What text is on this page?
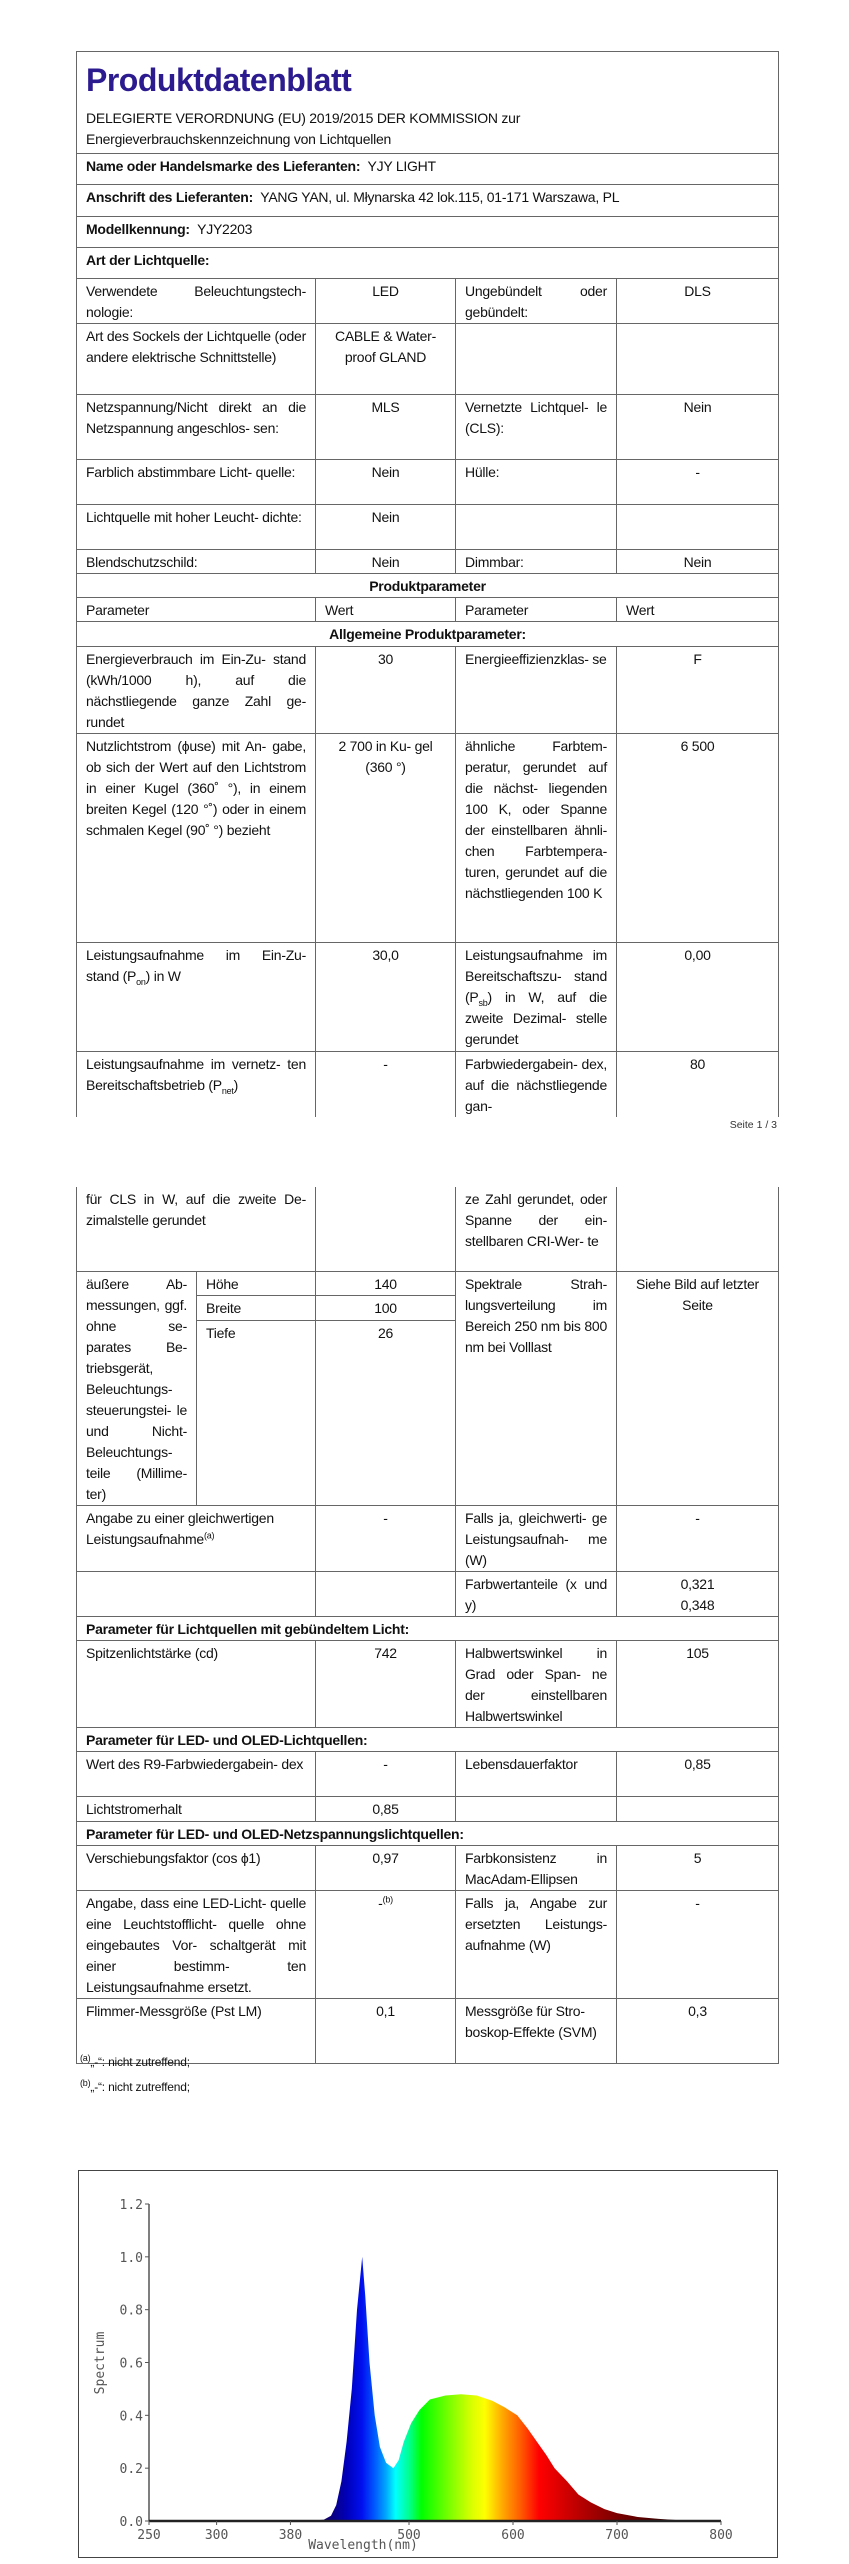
Produktdatenblatt
DELEGIERTE VERORDNUNG (EU) 2019/2015 DER KOMMISSION zur
Energieverbrauchskennzeichnung von Lichtquellen			

Name oder Handelsmarke des Lieferanten: YJY LIGHT			
Anschrift des Lieferanten: YANG YAN, ul. Młynarska 42 lok.115, 01-171 Warszawa, PL			
Modellkennung: YJY2203			
Art der Lichtquelle:			
Verwendete Beleuchtungstech- nologie:	LED	Ungebündelt oder gebündelt:	DLS
Art des Sockels der Lichtquelle (oder andere elektrische Schnittstelle)	CABLE & Water- proof GLAND		
Netzspannung/Nicht direkt an die Netzspannung angeschlos- sen:	MLS	Vernetzte Lichtquel- le (CLS):	Nein
Farblich abstimmbare Licht- quelle:	Nein	Hülle:	-
Lichtquelle mit hoher Leucht- dichte:	Nein		
Blendschutzschild:	Nein	Dimmbar:	Nein
Produktparameter			
Parameter	Wert	Parameter	Wert
Allgemeine Produktparameter:			
Energieverbrauch im Ein-Zu- stand (kWh/1000 h), auf die nächstliegende ganze Zahl ge- rundet	30	Energieeffizienzklas- se	F
Nutzlichtstrom (ϕuse) mit An- gabe, ob sich der Wert auf den Lichtstrom in einer Kugel (360˚ °), in einem breiten Kegel (120 °˚) oder in einem schmalen Kegel (90˚ °) bezieht	2 700 in Ku- gel (360 °)	ähnliche Farbtem- peratur, gerundet auf die nächst- liegenden 100 K, oder Spanne der einstellbaren ähnli- chen Farbtempera- turen, gerundet auf die nächstliegenden 100 K	6 500
Leistungsaufnahme im Ein-Zu- stand $(P_{on})$ in W	30,0	Leistungsaufnahme im Bereitschaftszu- stand $(P_{sb})$ in W, auf die zweite Dezimal- stelle gerundet	0,00
Leistungsaufnahme im vernetz- ten Bereitschaftsbetrieb $(P_{net})$	-	Farbwiedergabein- dex, auf die nächstliegende gan-	80
Seite 1 / 3
für CLS in W, auf die zweite De- zimalstelle gerundet			ze Zahl gerundet, oder Spanne der ein- stellbaren CRI-Wer- te	
äußere Ab- messungen, ggf. ohne se- parates Be- triebsgerät, Beleuchtungs- steuerungstei- le und Nicht- Beleuchtungs- teile (Millime- ter)	Höhe	140	Spektrale Strah- lungsverteilung im Bereich 250 nm bis 800 nm bei Volllast	Siehe Bild auf letzter Seite
	Breite	100		
	Tiefe	26		
Angabe zu einer gleichwertigen Leistungsaufnahme$^{(a)}$		-	Falls ja, gleichwerti- ge Leistungsaufnah- me (W)	-
			Farbwertanteile (x und y)	0,321
0,348

Parameter für Lichtquellen mit gebündeltem Licht:				
Spitzenlichtstärke (cd)		742	Halbwertswinkel in Grad oder Span- ne der einstellbaren Halbwertswinkel	105
Parameter für LED- und OLED-Lichtquellen:				
Wert des R9-Farbwiedergabein- dex		-	Lebensdauerfaktor	0,85
Lichtstromerhalt		0,85		
Parameter für LED- und OLED-Netzspannungslichtquellen:				
Verschiebungsfaktor (cos ϕ1)		0,97	Farbkonsistenz in MacAdam-Ellipsen	5
Angabe, dass eine LED-Licht- quelle eine Leuchtstofflicht- quelle ohne eingebautes Vor- schaltgerät mit einer bestimm- ten Leistungsaufnahme ersetzt.		-$^{(b)}$	Falls ja, Angabe zur ersetzten Leistungs- aufnahme (W)	-
Flimmer-Messgröße (Pst LM)		0,1	Messgröße für Stro- boskop-Effekte (SVM)	0,3
$^{(a)}$„-“: nicht zutreffend;
$^{(b)}$„-“: nicht zutreffend;
0.0
0.2
0.4
0.6
0.8
1.0
1.2
250	300	380	500	600	700	800
Wavelength(nm)
Spectrum
